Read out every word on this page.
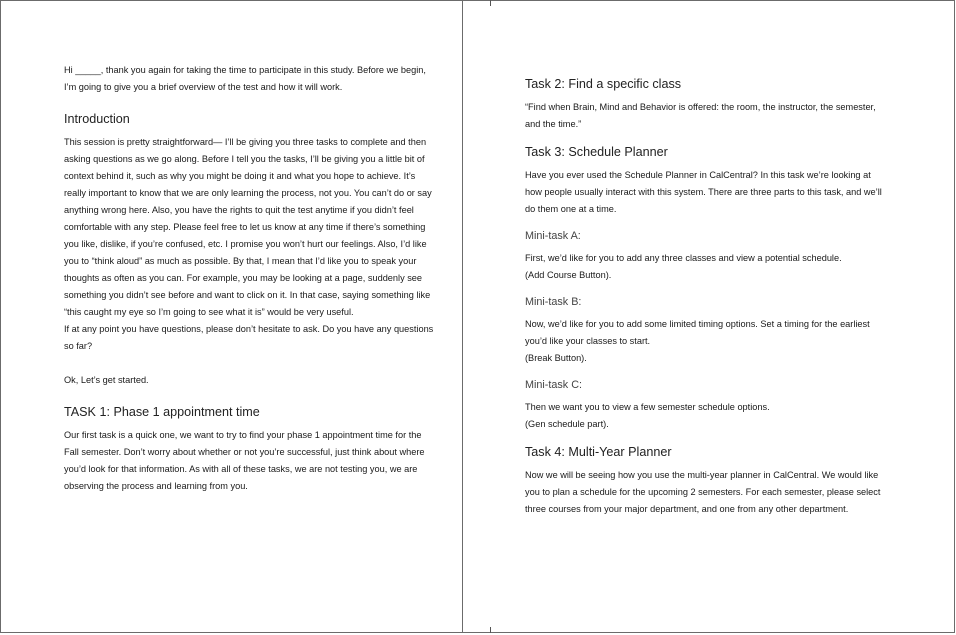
Hi _____, thank you again for taking the time to participate in this study. Before we begin, I’m going to give you a brief overview of the test and how it will work.

Introduction

This session is pretty straightforward— I’ll be giving you three tasks to complete and then asking questions as we go along. Before I tell you the tasks, I’ll be giving you a little bit of context behind it, such as why you might be doing it and what you hope to achieve. It’s really important to know that we are only learning the process, not you. You can’t do or say anything wrong here. Also, you have the rights to quit the test anytime if you didn’t feel comfortable with any step. Please feel free to let us know at any time if there’s something you like, dislike, if you’re confused, etc. I promise you won’t hurt our feelings. Also, I’d like you to “think aloud” as much as possible. By that, I mean that I’d like you to speak your thoughts as often as you can. For example, you may be looking at a page, suddenly see something you didn’t see before and want to click on it. In that case, saying something like “this caught my eye so I’m going to see what it is” would be very useful.

If at any point you have questions, please don’t hesitate to ask. Do you have any questions so far?

Ok, Let’s get started.

TASK 1: Phase 1 appointment time

Our first task is a quick one, we want to try to find your phase 1 appointment time for the Fall semester. Don’t worry about whether or not you’re successful, just think about where you’d look for that information. As with all of these tasks, we are not testing you, we are observing the process and learning from you.

Task 2: Find a specific class

“Find when Brain, Mind and Behavior is offered: the room, the instructor, the semester, and the time.”

Task 3: Schedule Planner

Have you ever used the Schedule Planner in CalCentral? In this task we’re looking at how people usually interact with this system. There are three parts to this task, and we’ll do them one at a time.

Mini-task A:

First, we’d like for you to add any three classes and view a potential schedule.

(Add Course Button).

Mini-task B:

Now, we’d like for you to add some limited timing options. Set a timing for the earliest you’d like your classes to start.

(Break Button).

Mini-task C:

Then we want you to view a few semester schedule options.

(Gen schedule part).

Task 4: Multi-Year Planner

Now we will be seeing how you use the multi-year planner in CalCentral. We would like you to plan a schedule for the upcoming 2 semesters. For each semester, please select three courses from your major department, and one from any other department.
